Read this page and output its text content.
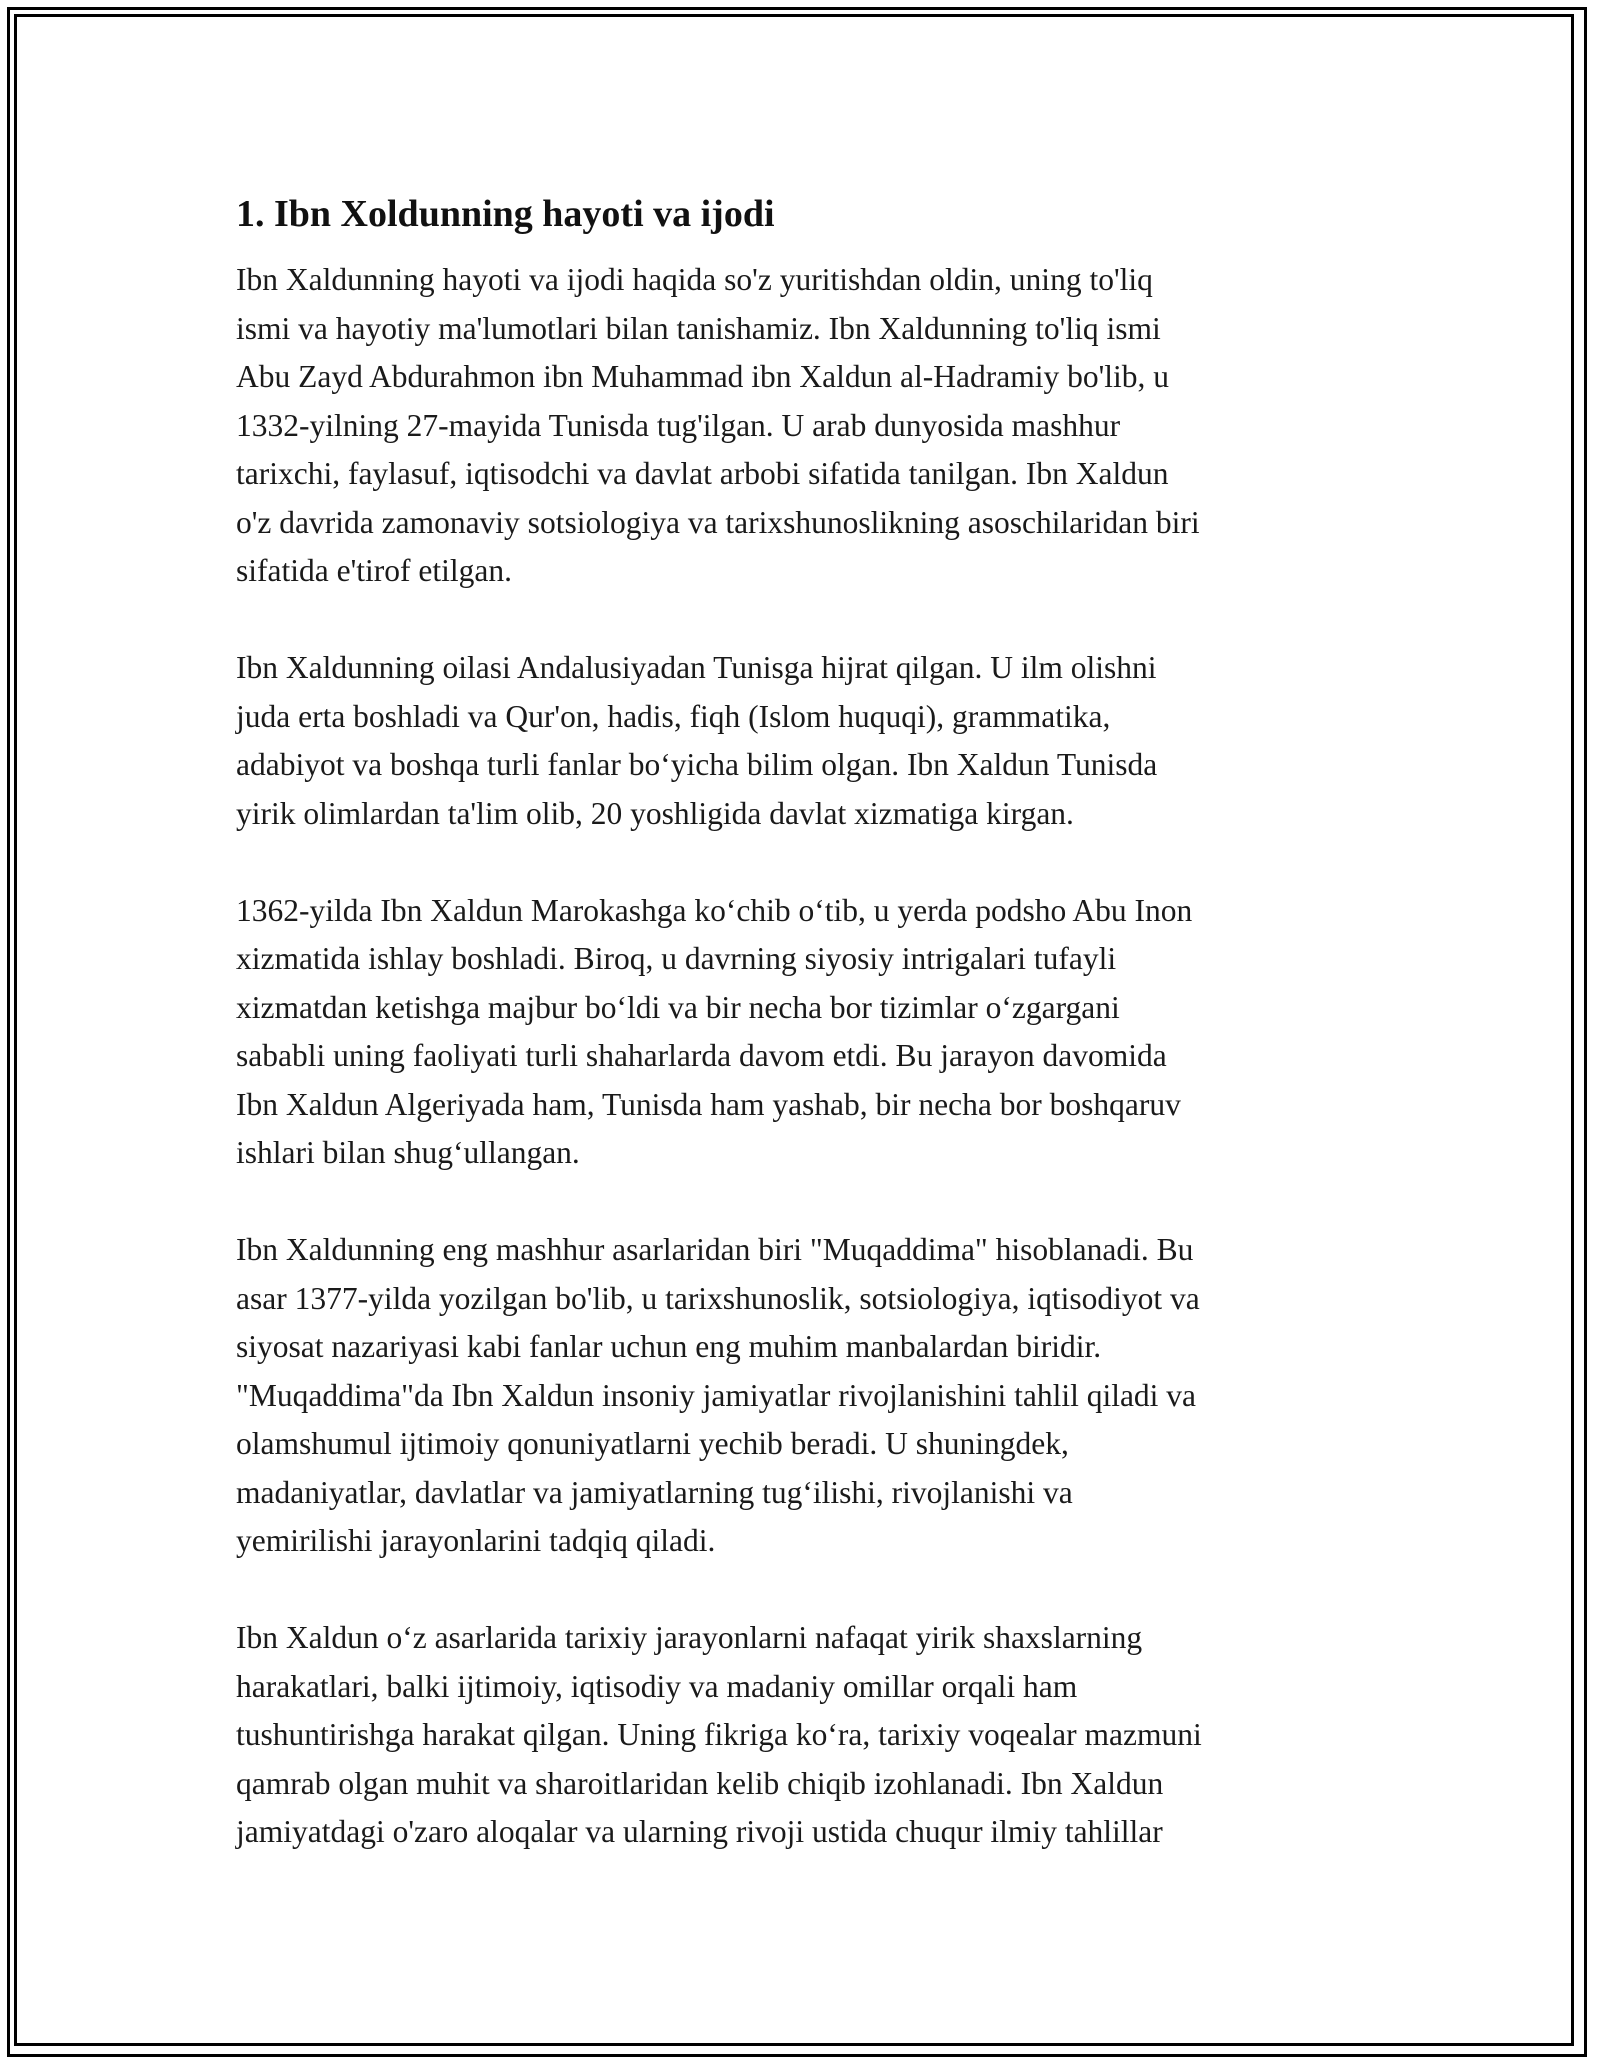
1. Ibn Xoldunning hayoti va ijodi

Ibn Xaldunning hayoti va ijodi haqida so'z yuritishdan oldin, uning to'liq
ismi va hayotiy ma'lumotlari bilan tanishamiz. Ibn Xaldunning to'liq ismi
Abu Zayd Abdurahmon ibn Muhammad ibn Xaldun al-Hadramiy bo'lib, u
1332-yilning 27-mayida Tunisda tug'ilgan. U arab dunyosida mashhur
tarixchi, faylasuf, iqtisodchi va davlat arbobi sifatida tanilgan. Ibn Xaldun
o'z davrida zamonaviy sotsiologiya va tarixshunoslikning asoschilaridan biri
sifatida e'tirof etilgan.

Ibn Xaldunning oilasi Andalusiyadan Tunisga hijrat qilgan. U ilm olishni
juda erta boshladi va Qur'on, hadis, fiqh (Islom huquqi), grammatika,
adabiyot va boshqa turli fanlar bo‘yicha bilim olgan. Ibn Xaldun Tunisda
yirik olimlardan ta'lim olib, 20 yoshligida davlat xizmatiga kirgan.

1362-yilda Ibn Xaldun Marokashga ko‘chib o‘tib, u yerda podsho Abu Inon
xizmatida ishlay boshladi. Biroq, u davrning siyosiy intrigalari tufayli
xizmatdan ketishga majbur bo‘ldi va bir necha bor tizimlar o‘zgargani
sababli uning faoliyati turli shaharlarda davom etdi. Bu jarayon davomida
Ibn Xaldun Algeriyada ham, Tunisda ham yashab, bir necha bor boshqaruv
ishlari bilan shug‘ullangan.

Ibn Xaldunning eng mashhur asarlaridan biri "Muqaddima" hisoblanadi. Bu
asar 1377-yilda yozilgan bo'lib, u tarixshunoslik, sotsiologiya, iqtisodiyot va
siyosat nazariyasi kabi fanlar uchun eng muhim manbalardan biridir.
"Muqaddima"da Ibn Xaldun insoniy jamiyatlar rivojlanishini tahlil qiladi va
olamshumul ijtimoiy qonuniyatlarni yechib beradi. U shuningdek,
madaniyatlar, davlatlar va jamiyatlarning tug‘ilishi, rivojlanishi va
yemirilishi jarayonlarini tadqiq qiladi.

Ibn Xaldun o‘z asarlarida tarixiy jarayonlarni nafaqat yirik shaxslarning
harakatlari, balki ijtimoiy, iqtisodiy va madaniy omillar orqali ham
tushuntirishga harakat qilgan. Uning fikriga ko‘ra, tarixiy voqealar mazmuni
qamrab olgan muhit va sharoitlaridan kelib chiqib izohlanadi. Ibn Xaldun
jamiyatdagi o'zaro aloqalar va ularning rivoji ustida chuqur ilmiy tahlillar
